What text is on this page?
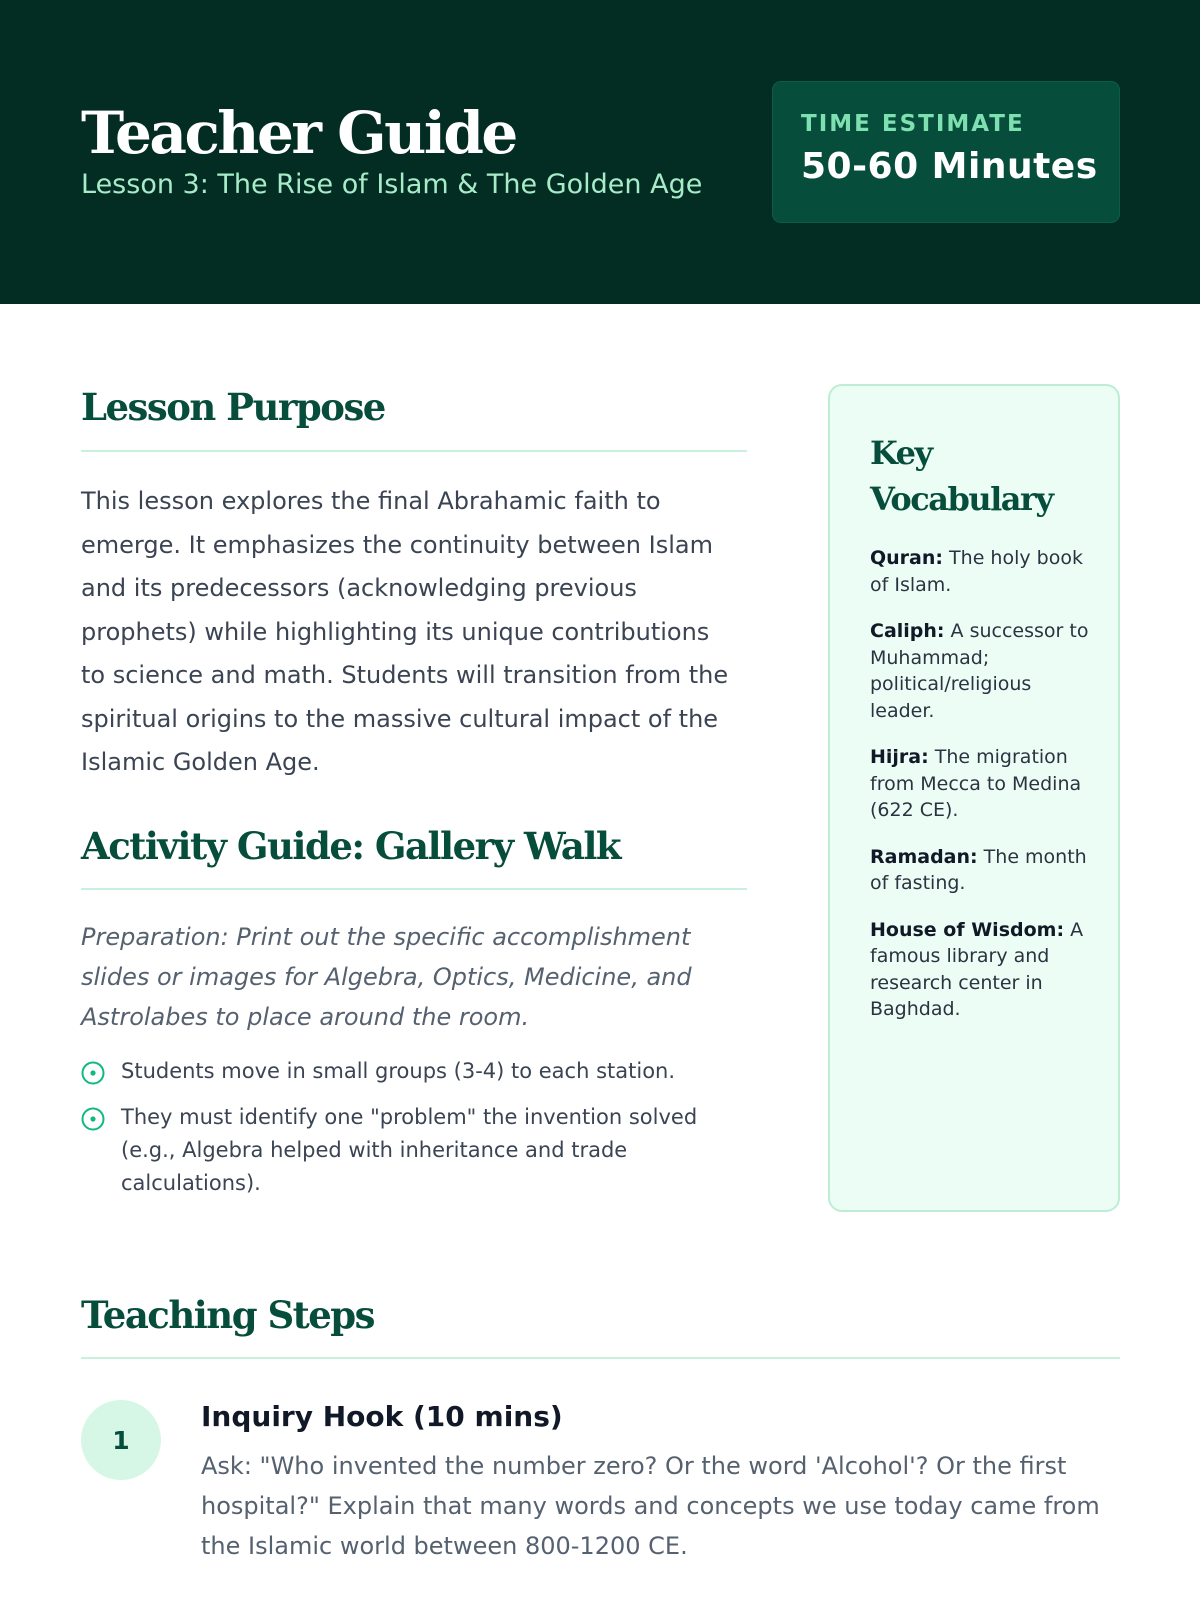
Teacher Guide
Lesson 3: The Rise of Islam & The Golden Age
TIME ESTIMATE
50-60 Minutes
Lesson Purpose

This lesson explores the final Abrahamic faith to emerge. It emphasizes the continuity between Islam and its predecessors (acknowledging previous prophets) while highlighting its unique contributions to science and math. Students will transition from the spiritual origins to the massive cultural impact of the Islamic Golden Age.

Activity Guide: Gallery Walk

Preparation: Print out the specific accomplishment slides or images for Algebra, Optics, Medicine, and Astrolabes to place around the room.

Students move in small groups (3-4) to each station.
They must identify one "problem" the invention solved (e.g., Algebra helped with inheritance and trade calculations).
Key Vocabulary

Quran: The holy book of Islam.

Caliph: A successor to Muhammad; political/religious leader.

Hijra: The migration from Mecca to Medina (622 CE).

Ramadan: The month of fasting.

House of Wisdom: A famous library and research center in Baghdad.

Teaching Steps
1
Inquiry Hook (10 mins)

Ask: "Who invented the number zero? Or the word 'Alcohol'? Or the first hospital?" Explain that many words and concepts we use today came from the Islamic world between 800-1200 CE.
